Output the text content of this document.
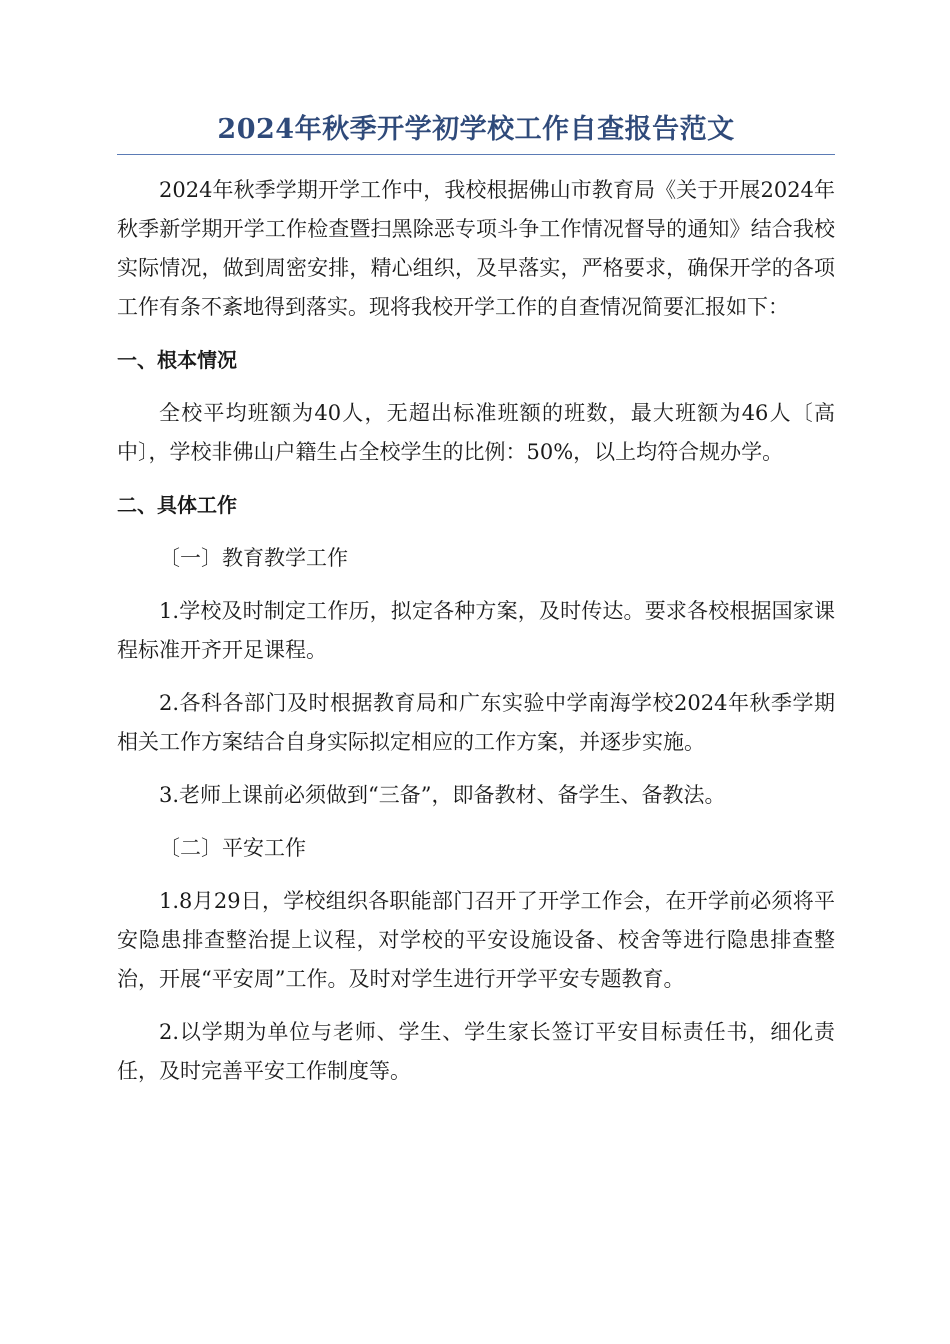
2024年秋季开学初学校工作自查报告范文

2024年秋季学期开学工作中，我校根据佛山市教育局《关于开展2024年秋季新学期开学工作检查暨扫黑除恶专项斗争工作情况督导的通知》结合我校实际情况，做到周密安排，精心组织，及早落实，严格要求，确保开学的各项工作有条不紊地得到落实。现将我校开学工作的自查情况简要汇报如下：

一、根本情况

全校平均班额为40人，无超出标准班额的班数，最大班额为46人〔高中〕，学校非佛山户籍生占全校学生的比例：50%，以上均符合规办学。

二、具体工作

〔一〕教育教学工作

1.学校及时制定工作历，拟定各种方案，及时传达。要求各校根据国家课程标准开齐开足课程。

2.各科各部门及时根据教育局和广东实验中学南海学校2024年秋季学期相关工作方案结合自身实际拟定相应的工作方案，并逐步实施。

3.老师上课前必须做到“三备”，即备教材、备学生、备教法。

〔二〕平安工作

1.8月29日，学校组织各职能部门召开了开学工作会，在开学前必须将平安隐患排查整治提上议程，对学校的平安设施设备、校舍等进行隐患排查整治，开展“平安周”工作。及时对学生进行开学平安专题教育。

2.以学期为单位与老师、学生、学生家长签订平安目标责任书，细化责任，及时完善平安工作制度等。
